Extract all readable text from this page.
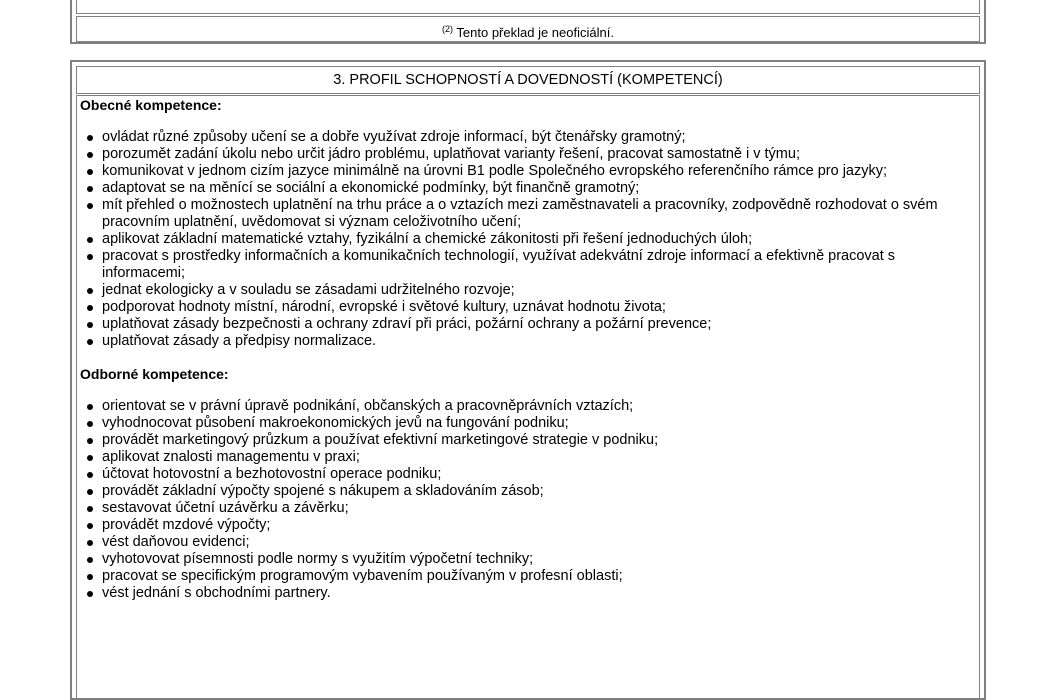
$^{(2)}$ Tento překlad je neoficiální.
3. PROFIL SCHOPNOSTÍ A DOVEDNOSTÍ (KOMPETENCÍ)
Obecné kompetence:
ovládat různé způsoby učení se a dobře využívat zdroje informací, být čtenářsky gramotný;
porozumět zadání úkolu nebo určit jádro problému, uplatňovat varianty řešení, pracovat samostatně i v týmu;
komunikovat v jednom cizím jazyce minimálně na úrovni B1 podle Společného evropského referenčního rámce pro jazyky;
adaptovat se na měnící se sociální a ekonomické podmínky, být finančně gramotný;
mít přehled o možnostech uplatnění na trhu práce a o vztazích mezi zaměstnavateli a pracovníky, zodpovědně rozhodovat o svém pracovním uplatnění, uvědomovat si význam celoživotního učení;
aplikovat základní matematické vztahy, fyzikální a chemické zákonitosti při řešení jednoduchých úloh;
pracovat s prostředky informačních a komunikačních technologií, využívat adekvátní zdroje informací a efektivně pracovat s informacemi;
jednat ekologicky a v souladu se zásadami udržitelného rozvoje;
podporovat hodnoty místní, národní, evropské i světové kultury, uznávat hodnotu života;
uplatňovat zásady bezpečnosti a ochrany zdraví při práci, požární ochrany a požární prevence;
uplatňovat zásady a předpisy normalizace.
Odborné kompetence:
orientovat se v právní úpravě podnikání, občanských a pracovněprávních vztazích;
vyhodnocovat působení makroekonomických jevů na fungování podniku;
provádět marketingový průzkum a používat efektivní marketingové strategie v podniku;
aplikovat znalosti managementu v praxi;
účtovat hotovostní a bezhotovostní operace podniku;
provádět základní výpočty spojené s nákupem a skladováním zásob;
sestavovat účetní uzávěrku a závěrku;
provádět mzdové výpočty;
vést daňovou evidenci;
vyhotovovat písemnosti podle normy s využitím výpočetní techniky;
pracovat se specifickým programovým vybavením používaným v profesní oblasti;
vést jednání s obchodními partnery.
